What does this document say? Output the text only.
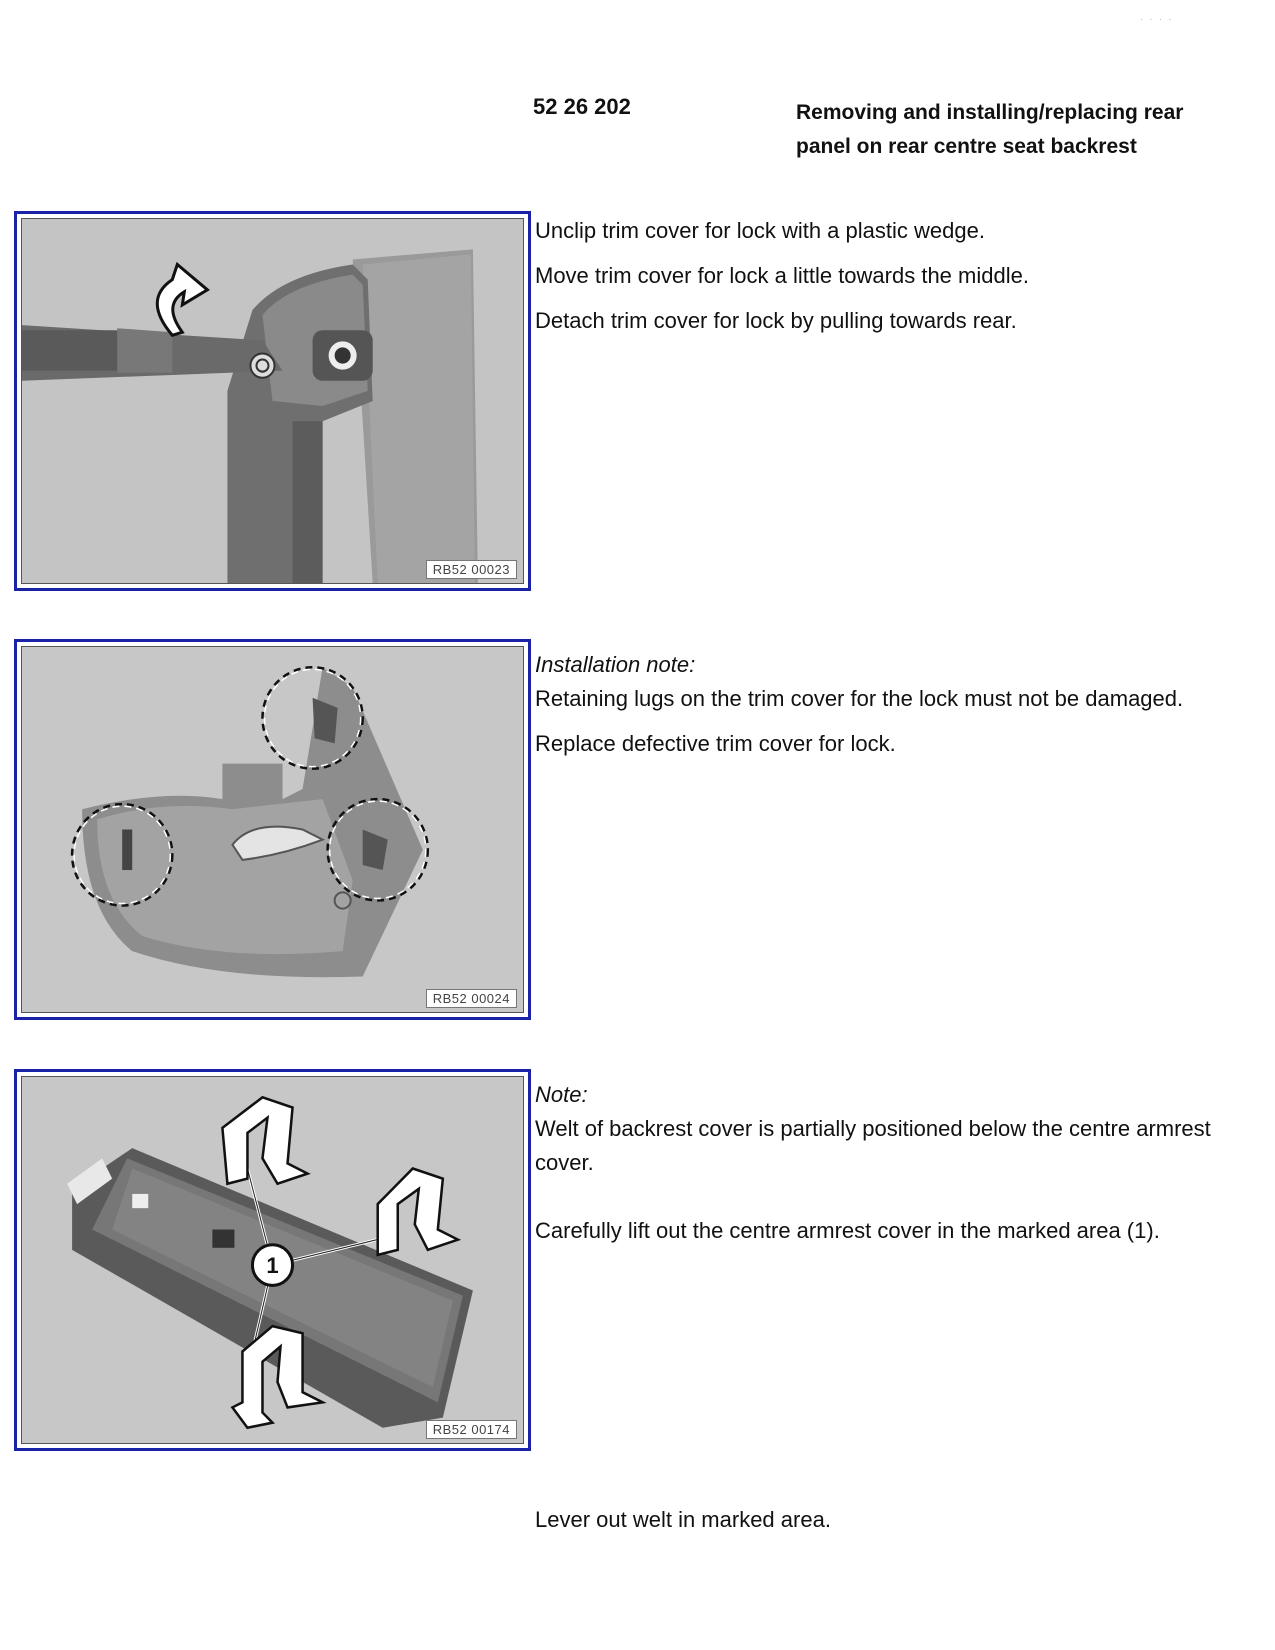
· · · ·
52 26 202	Removing and installing/replacing rear panel on rear centre seat backrest
RB52 00023

Unclip trim cover for lock with a plastic wedge.

Move trim cover for lock a little towards the middle.

Detach trim cover for lock by pulling towards rear.

RB52 00024
Installation note:

Retaining lugs on the trim cover for the lock must not be damaged.

Replace defective trim cover for lock.

1
RB52 00174
Note:

Welt of backrest cover is partially positioned below the centre armrest cover.

Carefully lift out the centre armrest cover in the marked area (1).

Lever out welt in marked area.
